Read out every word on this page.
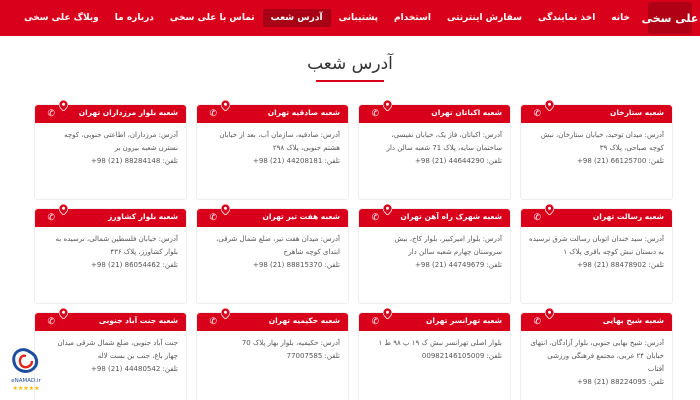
علی سخی
خانه
اخذ نمایندگی
سفارش اینترنتی
استخدام
پشتیبانی
آدرس شعب
تماس با علی سخی
درباره ما
وبلاگ علی سخی
آدرس شعب
شعبه ستارخان
✆
آدرس: میدان توحید، خیابان ستارخان، نبش کوچه صباحی، پلاک ۳۹
تلفن: 66125700 (21) 98+
شعبه اکباتان تهران
✆
آدرس: اکباتان، فاز یک، خیابان نفیسی، ساختمان سایه، پلاک 71 شعبه سالن دار
تلفن: 44644290 (21) 98+
شعبه صادقیه تهران
✆
آدرس: صادقیه، سازمان آب، بعد از خیابان هشتم جنوبی، پلاک ۲۹۸
تلفن: 44208181 (21) 98+
شعبه بلوار مرزداران تهران
✆
آدرس: مرزداران، اطاعتی جنوبی، کوچه نسترن شعبه بیرون بر
تلفن: 88284148 (21) 98+
شعبه رسالت تهران
✆
آدرس: سید خندان اتوبان رسالت شرق نرسیده به دبستان نبش کوچه باقری پلاک ۱
تلفن: 88478902 (21) 98+
شعبه شهرک راه آهن تهران
✆
آدرس: بلوار امیرکبیر، بلوار کاج، نبش سروستان چهارم شعبه سالن دار
تلفن: 44749679 (21) 98+
شعبه هفت تیر تهران
✆
آدرس: میدان هفت تیر، ضلع شمال شرقی، ابتدای کوچه شاهرخ
تلفن: 88815370 (21) 98+
شعبه بلوار کشاورز
✆
آدرس: خیابان فلسطین شمالی، نرسیده به بلوار کشاورز، پلاک ۴۳۶
تلفن: 86054462 (21) 98+
شعبه شیخ بهایی
✆
آدرس: شیخ بهایی جنوبی، بلوار آزادگان، انتهای خیابان ۲۴ غربی، مجتمع فرهنگی ورزشی آفتاب
تلفن: 88224095 (21) 98+
شعبه تهرانسر تهران
✆
بلوار اصلی تهرانسر نبش ک ۱۹ پ ۹۸ ط ۱
تلفن: 00982146105009
شعبه حکیمیه تهران
✆
آدرس: حکیمیه، بلوار بهار پلاک 70
تلفن: 77007585
شعبه جنت آباد جنوبی
✆
جنت آباد جنوبی، ضلع شمال شرقی میدان چهار باغ، جنب بن بست لاله
تلفن: 44480542 (21) 98+
eNAMAD.ir
★★★★★
